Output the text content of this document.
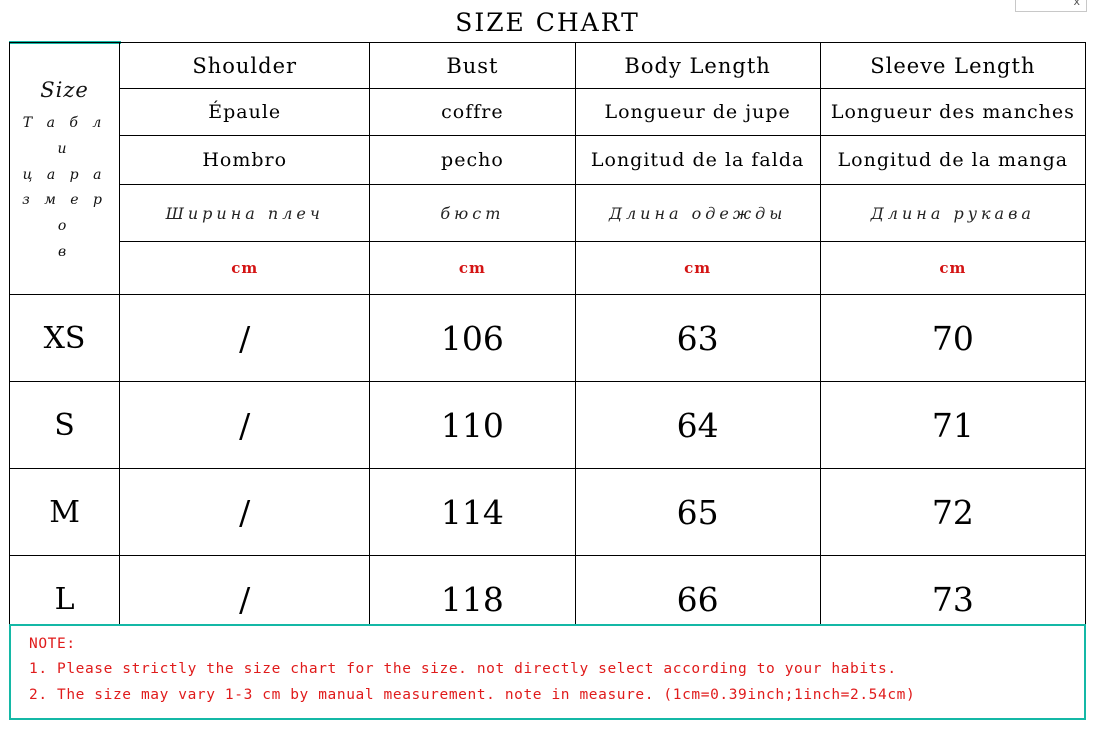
x
SIZE CHART
Size
Т а б л и
ц а р а
з м е р о
в	Shoulder	Bust	Body Length	Sleeve Length
	Épaule	coffre	Longueur de jupe	Longueur des manches
	Hombro	pecho	Longitud de la falda	Longitud de la manga
	Ширина плеч	бюст	Длина одежды	Длина рукава
	cm	cm	cm	cm
XS	/	106	63	70
S	/	110	64	71
M	/	114	65	72
L	/	118	66	73
NOTE:
1. Please strictly the size chart for the size. not directly select according to your habits.
2. The size may vary 1-3 cm by manual measurement. note in measure. (1cm=0.39inch;1inch=2.54cm)
